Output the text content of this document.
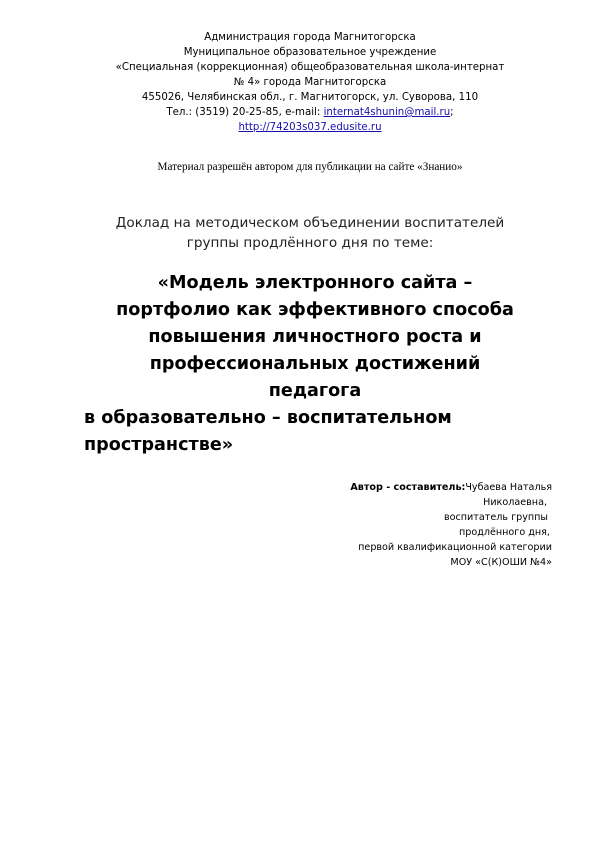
Администрация города Магнитогорска
Муниципальное образовательное учреждение
«Специальная (коррекционная) общеобразовательная школа-интернат
№ 4» города Магнитогорска
455026, Челябинская обл., г. Магнитогорск, ул. Суворова, 110
Тел.: (3519) 20-25-85, e-mail: internat4shunin@mail.ru;
http://74203s037.edusite.ru
Материал разрешён автором для публикации на сайте «Знанио»
Доклад на методическом объединении воспитателей
группы продлённого дня по теме:
«Модель электронного сайта –
портфолио как эффективного способа
повышения личностного роста и
профессиональных достижений
педагога
в образовательно – воспитательном
пространстве»
Автор - составитель:Чубаева Наталья
Николаевна,
воспитатель группы
продлённого дня,
первой квалификационной категории
МОУ «С(К)ОШИ №4»
